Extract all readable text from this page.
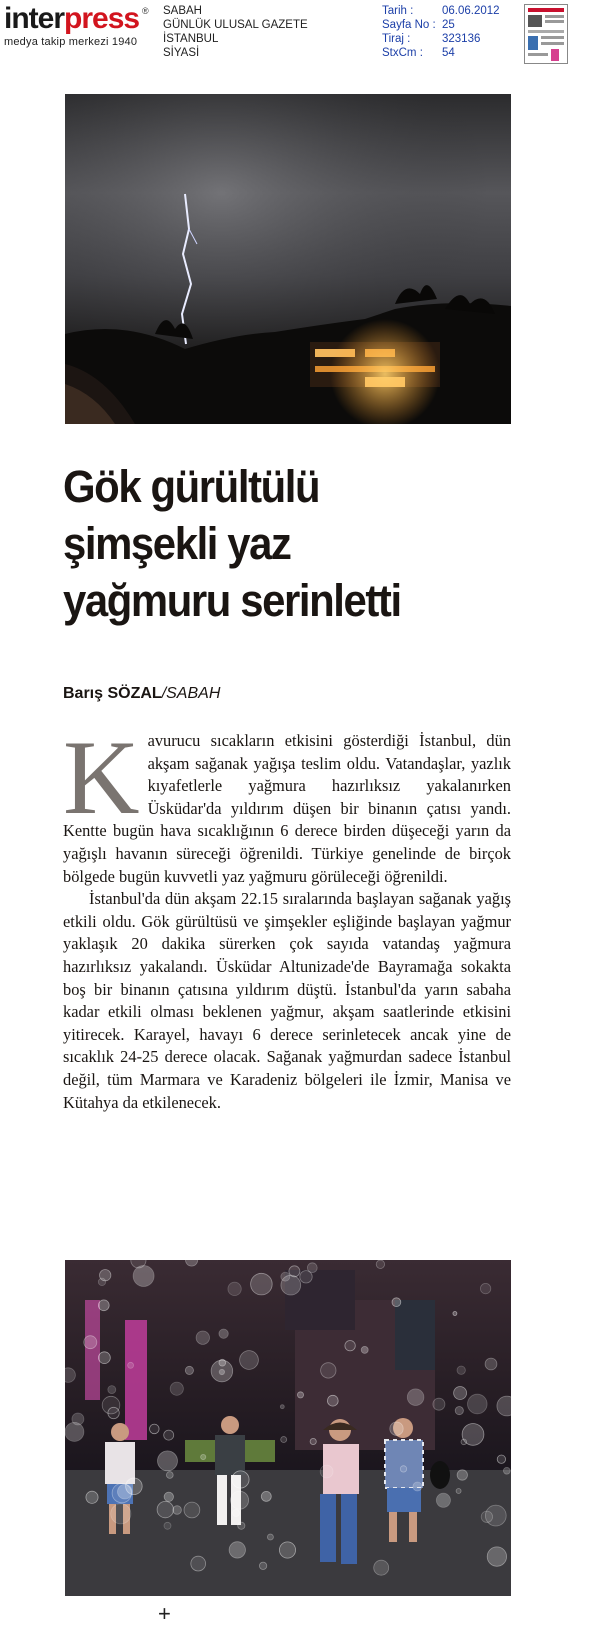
interpress ®
medya takip merkezi 1940
SABAH
GÜNLÜK ULUSAL GAZETE
İSTANBUL
SİYASİ
Tarih :	06.06.2012
Sayfa No : 25
Tiraj :	323136
StxCm :	54
Gök gürültülü
şimşekli yaz
yağmuru serinletti
Barış SÖZAL/SABAH
K avurucu sıcakların etkisini gösterdiği İstanbul, dün akşam sağanak yağışa teslim oldu. Vatandaşlar, yazlık kıyafetlerle yağmura hazırlıksız yakalanırken Üsküdar'da yıldırım düşen bir binanın çatısı yandı. Kentte bugün hava sıcaklığının 6 derece birden düşeceği yarın da yağışlı havanın süreceği öğrenildi. Türkiye genelinde de birçok bölgede bugün kuvvetli yaz yağmuru görüleceği öğrenildi.

İstanbul'da dün akşam 22.15 sıralarında başlayan sağanak yağış etkili oldu. Gök gürültüsü ve şimşekler eşliğinde başlayan yağmur yaklaşık 20 dakika sürerken çok sayıda vatandaş yağmura hazırlıksız yakalandı. Üsküdar Altunizade'de Bayramağa sokakta boş bir binanın çatısına yıldırım düştü. İstanbul'da yarın sabaha kadar etkili olması beklenen yağmur, akşam saatlerinde etkisini yitirecek. Karayel, havayı 6 derece serinletecek ancak yine de sıcaklık 24-25 derece olacak. Sağanak yağmurdan sadece İstanbul değil, tüm Marmara ve Karadeniz bölgeleri ile İzmir, Manisa ve Kütahya da etkilenecek.

+
